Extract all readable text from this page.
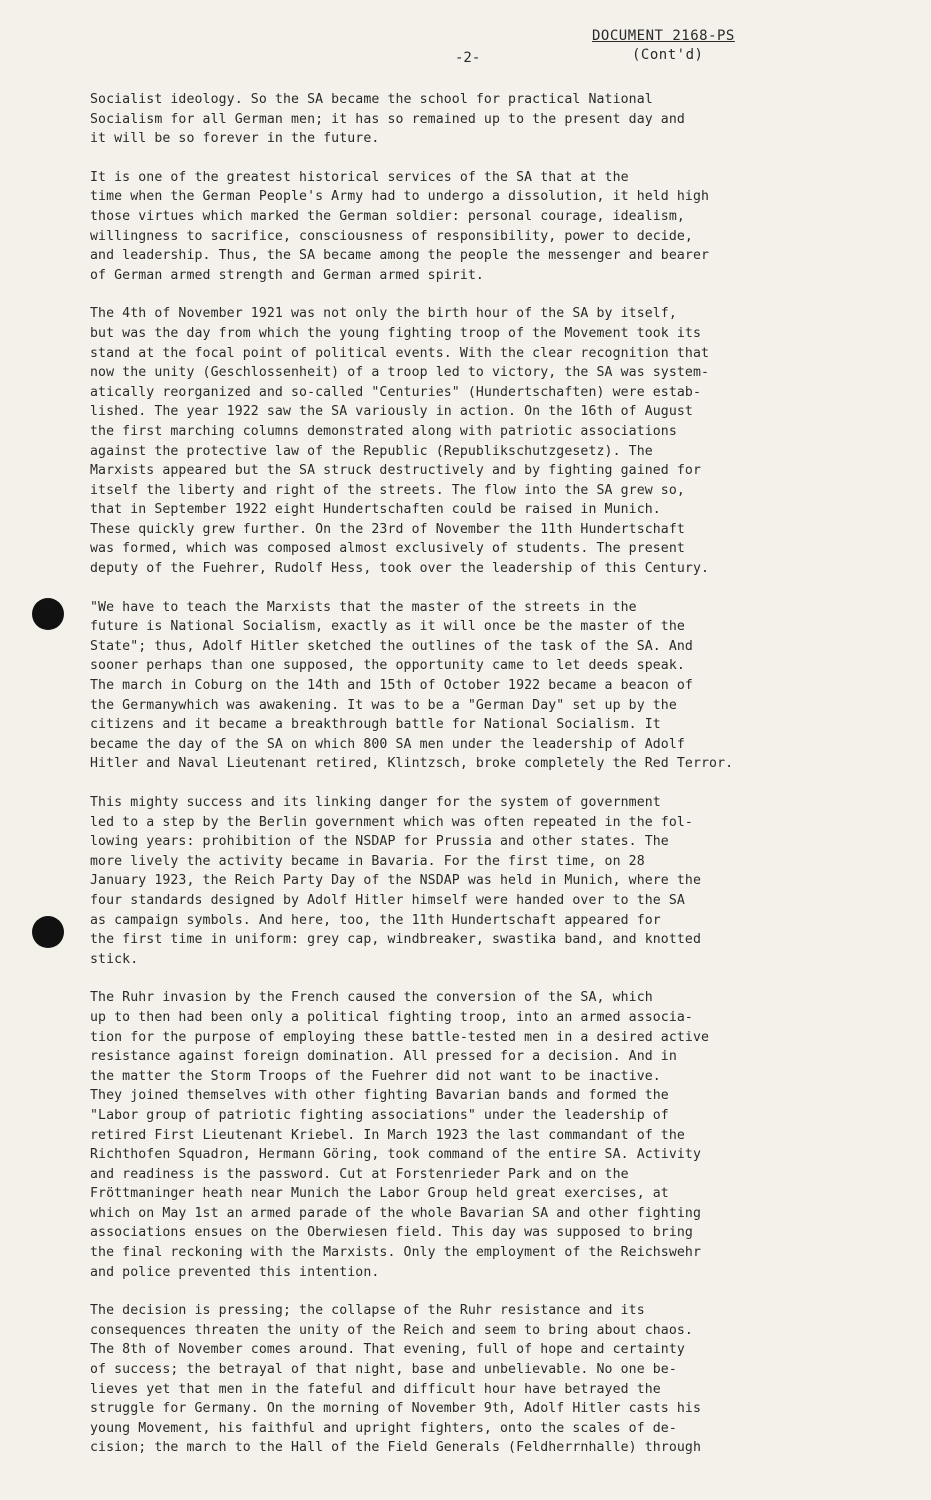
DOCUMENT 2168-PS
(Cont'd)
-2-

Socialist ideology. So the SA became the school for practical National
Socialism for all German men; it has so remained up to the present day and
it will be so forever in the future.

It is one of the greatest historical services of the SA that at the
time when the German People's Army had to undergo a dissolution, it held high
those virtues which marked the German soldier: personal courage, idealism,
willingness to sacrifice, consciousness of responsibility, power to decide,
and leadership. Thus, the SA became among the people the messenger and bearer
of German armed strength and German armed spirit.

The 4th of November 1921 was not only the birth hour of the SA by itself,
but was the day from which the young fighting troop of the Movement took its
stand at the focal point of political events. With the clear recognition that
now the unity (Geschlossenheit) of a troop led to victory, the SA was system-
atically reorganized and so-called "Centuries" (Hundertschaften) were estab-
lished. The year 1922 saw the SA variously in action. On the 16th of August
the first marching columns demonstrated along with patriotic associations
against the protective law of the Republic (Republikschutzgesetz). The
Marxists appeared but the SA struck destructively and by fighting gained for
itself the liberty and right of the streets. The flow into the SA grew so,
that in September 1922 eight Hundertschaften could be raised in Munich.
These quickly grew further. On the 23rd of November the 11th Hundertschaft
was formed, which was composed almost exclusively of students. The present
deputy of the Fuehrer, Rudolf Hess, took over the leadership of this Century.

"We have to teach the Marxists that the master of the streets in the
future is National Socialism, exactly as it will once be the master of the
State"; thus, Adolf Hitler sketched the outlines of the task of the SA. And
sooner perhaps than one supposed, the opportunity came to let deeds speak.
The march in Coburg on the 14th and 15th of October 1922 became a beacon of
the Germanywhich was awakening. It was to be a "German Day" set up by the
citizens and it became a breakthrough battle for National Socialism. It
became the day of the SA on which 800 SA men under the leadership of Adolf
Hitler and Naval Lieutenant retired, Klintzsch, broke completely the Red Terror.

This mighty success and its linking danger for the system of government
led to a step by the Berlin government which was often repeated in the fol-
lowing years: prohibition of the NSDAP for Prussia and other states. The
more lively the activity became in Bavaria. For the first time, on 28
January 1923, the Reich Party Day of the NSDAP was held in Munich, where the
four standards designed by Adolf Hitler himself were handed over to the SA
as campaign symbols. And here, too, the 11th Hundertschaft appeared for
the first time in uniform: grey cap, windbreaker, swastika band, and knotted
stick.

The Ruhr invasion by the French caused the conversion of the SA, which
up to then had been only a political fighting troop, into an armed associa-
tion for the purpose of employing these battle-tested men in a desired active
resistance against foreign domination. All pressed for a decision. And in
the matter the Storm Troops of the Fuehrer did not want to be inactive.
They joined themselves with other fighting Bavarian bands and formed the
"Labor group of patriotic fighting associations" under the leadership of
retired First Lieutenant Kriebel. In March 1923 the last commandant of the
Richthofen Squadron, Hermann Göring, took command of the entire SA. Activity
and readiness is the password. Cut at Forstenrieder Park and on the
Fröttmaninger heath near Munich the Labor Group held great exercises, at
which on May 1st an armed parade of the whole Bavarian SA and other fighting
associations ensues on the Oberwiesen field. This day was supposed to bring
the final reckoning with the Marxists. Only the employment of the Reichswehr
and police prevented this intention.

The decision is pressing; the collapse of the Ruhr resistance and its
consequences threaten the unity of the Reich and seem to bring about chaos.
The 8th of November comes around. That evening, full of hope and certainty
of success; the betrayal of that night, base and unbelievable. No one be-
lieves yet that men in the fateful and difficult hour have betrayed the
struggle for Germany. On the morning of November 9th, Adolf Hitler casts his
young Movement, his faithful and upright fighters, onto the scales of de-
cision; the march to the Hall of the Field Generals (Feldherrnhalle) through
